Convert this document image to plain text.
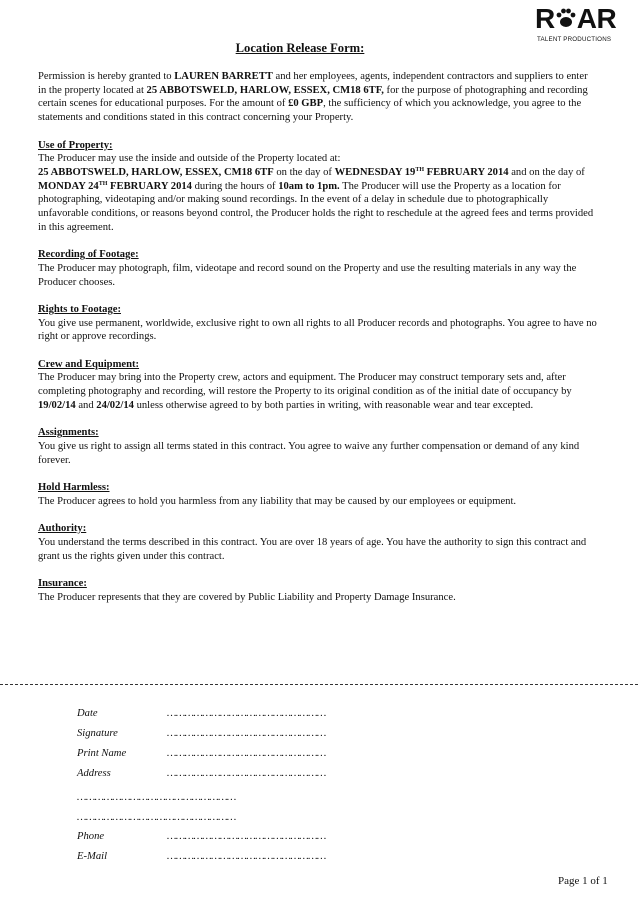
R AR
TALENT PRODUCTIONS
Location Release Form:

Permission is hereby granted to LAUREN BARRETT and her employees, agents, independent contractors and suppliers to enter in the property located at 25 ABBOTSWELD, HARLOW, ESSEX, CM18 6TF, for the purpose of photographing and recording certain scenes for educational purposes. For the amount of £0 GBP, the sufficiency of which you acknowledge, you agree to the statements and conditions stated in this contract concerning your Property.

Use of Property:
The Producer may use the inside and outside of the Property located at:
25 ABBOTSWELD, HARLOW, ESSEX, CM18 6TF on the day of WEDNESDAY 19TH FEBRUARY 2014 and on the day of MONDAY 24TH FEBRUARY 2014 during the hours of 10am to 1pm. The Producer will use the Property as a location for photographing, videotaping and/or making sound recordings. In the event of a delay in schedule due to photographically unfavorable conditions, or reasons beyond control, the Producer holds the right to reschedule at the agreed fees and terms provided in this agreement.

Recording of Footage:
The Producer may photograph, film, videotape and record sound on the Property and use the resulting materials in any way the Producer chooses.

Rights to Footage:
You give use permanent, worldwide, exclusive right to own all rights to all Producer records and photographs. You agree to have no right or approve recordings.

Crew and Equipment:
The Producer may bring into the Property crew, actors and equipment. The Producer may construct temporary sets and, after completing photography and recording, will restore the Property to its original condition as of the initial date of occupancy by 19/02/14 and 24/02/14 unless otherwise agreed to by both parties in writing, with reasonable wear and tear excepted.

Assignments:
You give us right to assign all terms stated in this contract. You agree to waive any further compensation or demand of any kind forever.

Hold Harmless:
The Producer agrees to hold you harmless from any liability that may be caused by our employees or equipment.

Authority:
You understand the terms described in this contract. You are over 18 years of age. You have the authority to sign this contract and grant us the rights given under this contract.

Insurance:
The Producer represents that they are covered by Public Liability and Property Damage Insurance.

Date	………………………………………………
Signature	………………………………………………
Print Name	………………………………………………
Address	………………………………………………
………………………………………………
………………………………………………
Phone	………………………………………………
E-Mail	………………………………………………
Page 1 of 1
